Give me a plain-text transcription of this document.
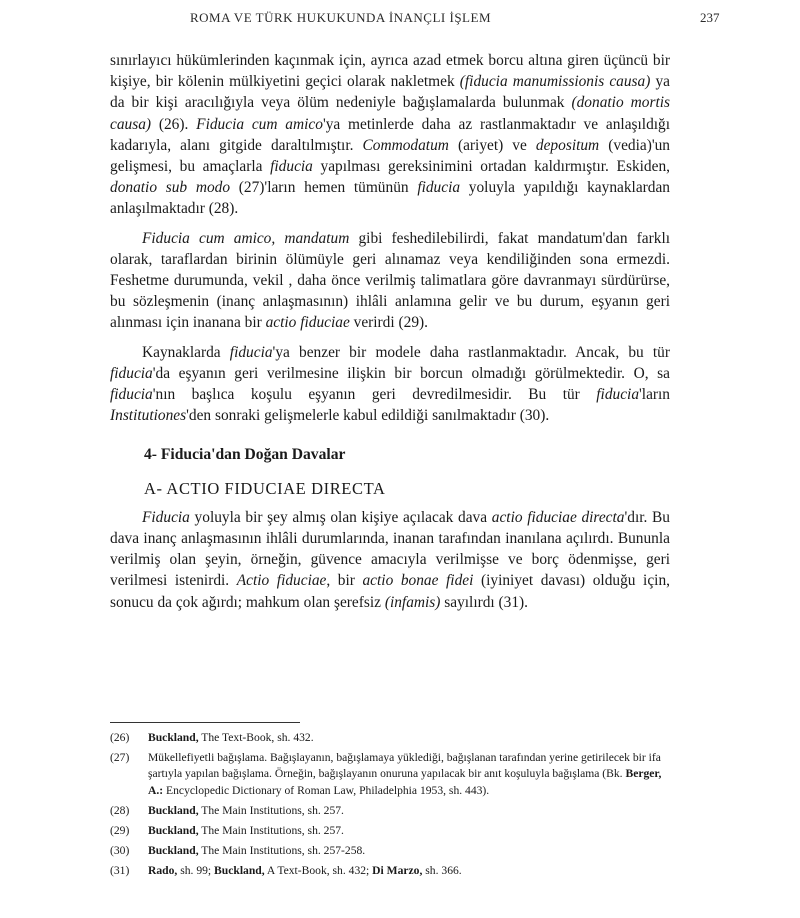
ROMA VE TÜRK HUKUKUNDA İNANÇLI İŞLEM	237

sınırlayıcı hükümlerinden kaçınmak için, ayrıca azad etmek borcu altına giren üçüncü bir kişiye, bir kölenin mülkiyetini geçici olarak nakletmek (fiducia manumissionis causa) ya da bir kişi aracılığıyla veya ölüm nedeniyle bağışlamalarda bulunmak (donatio mortis causa) (26). Fiducia cum amico'ya metinlerde daha az rastlanmaktadır ve anlaşıldığı kadarıyla, alanı gitgide daraltılmıştır. Commodatum (ariyet) ve depositum (vedia)'un gelişmesi, bu amaçlarla fiducia yapılması gereksinimini ortadan kaldırmıştır. Eskiden, donatio sub modo (27)'ların hemen tümünün fiducia yoluyla yapıldığı kaynaklardan anlaşılmaktadır (28).

Fiducia cum amico, mandatum gibi feshedilebilirdi, fakat mandatum'dan farklı olarak, taraflardan birinin ölümüyle geri alınamaz veya kendiliğinden sona ermezdi. Feshetme durumunda, vekil , daha önce verilmiş talimatlara göre davranmayı sürdürürse, bu sözleşmenin (inanç anlaşmasının) ihlâli anlamına gelir ve bu durum, eşyanın geri alınması için inanana bir actio fiduciae verirdi (29).

Kaynaklarda fiducia'ya benzer bir modele daha rastlanmaktadır. Ancak, bu tür fiducia'da eşyanın geri verilmesine ilişkin bir borcun olmadığı görülmektedir. O, sa fiducia'nın başlıca koşulu eşyanın geri devredilmesidir. Bu tür fiducia'ların Institutiones'den sonraki gelişmelerle kabul edildiği sanılmaktadır (30).

4- Fiducia'dan Doğan Davalar
A- ACTIO FIDUCIAE DIRECTA

Fiducia yoluyla bir şey almış olan kişiye açılacak dava actio fiduciae directa'dır. Bu dava inanç anlaşmasının ihlâli durumlarında, inanan tarafından inanılana açılırdı. Bununla verilmiş olan şeyin, örneğin, güvence amacıyla verilmişse ve borç ödenmişse, geri verilmesi istenirdi. Actio fiduciae, bir actio bonae fidei (iyiniyet davası) olduğu için, sonucu da çok ağırdı; mahkum olan şerefsiz (infamis) sayılırdı (31).

(26) Buckland, The Text-Book, sh. 432.
(27) Mükellefiyetli bağışlama. Bağışlayanın, bağışlamaya yüklediği, bağışlanan tarafından yerine getirilecek bir ifa şartıyla yapılan bağışlama. Örneğin, bağışlayanın onuruna yapılacak bir anıt koşuluyla bağışlama (Bk. Berger, A.: Encyclopedic Dictionary of Roman Law, Philadelphia 1953, sh. 443).
(28) Buckland, The Main Institutions, sh. 257.
(29) Buckland, The Main Institutions, sh. 257.
(30) Buckland, The Main Institutions, sh. 257-258.
(31) Rado, sh. 99; Buckland, A Text-Book, sh. 432; Di Marzo, sh. 366.
